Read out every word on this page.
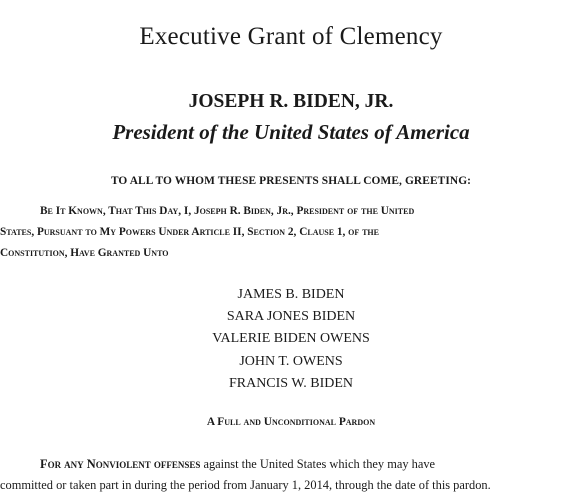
Executive Grant of Clemency
JOSEPH R. BIDEN, JR.
President of the United States of America
TO ALL TO WHOM THESE PRESENTS SHALL COME, GREETING:
Be It Known, That This Day, I, Joseph R. Biden, Jr., President of the United
States, Pursuant to My Powers Under Article II, Section 2, Clause 1, of the
Constitution, Have Granted Unto
JAMES B. BIDEN
SARA JONES BIDEN
VALERIE BIDEN OWENS
JOHN T. OWENS
FRANCIS W. BIDEN
A Full and Unconditional Pardon
For any Nonviolent offenses against the United States which they may have
committed or taken part in during the period from January 1, 2014, through the date of this pardon.
